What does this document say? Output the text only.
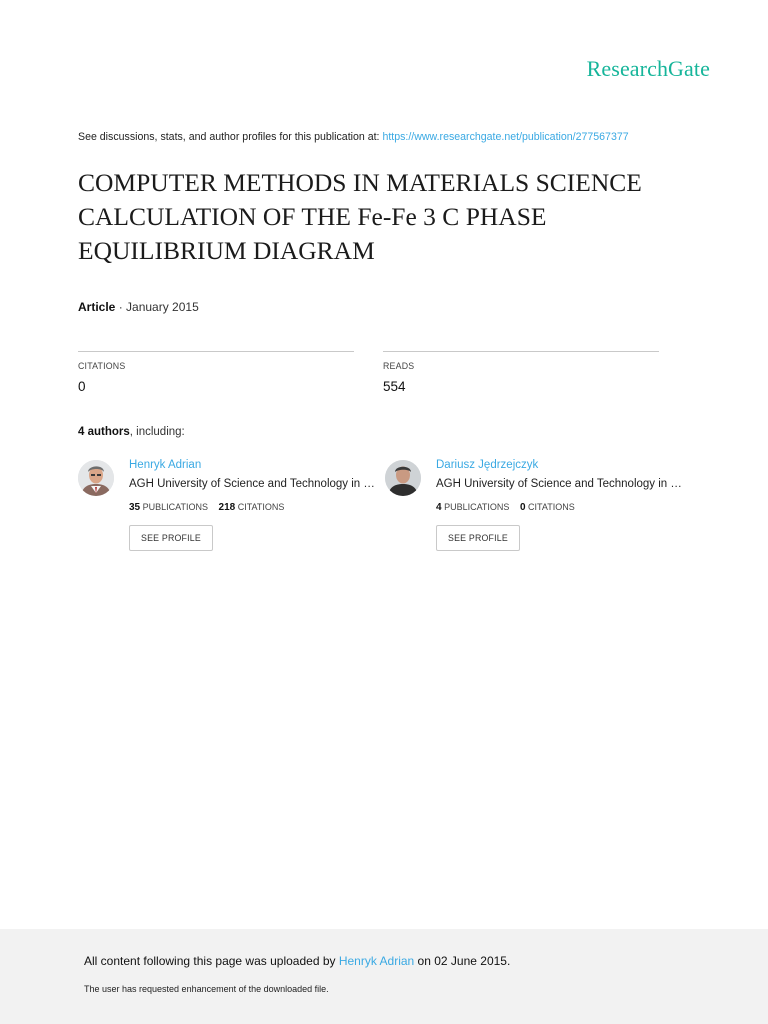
ResearchGate
See discussions, stats, and author profiles for this publication at: https://www.researchgate.net/publication/277567377
COMPUTER METHODS IN MATERIALS SCIENCE
CALCULATION OF THE Fe-Fe 3 C PHASE
EQUILIBRIUM DIAGRAM
Article · January 2015
CITATIONS
0
READS
554
4 authors, including:
Henryk Adrian
AGH University of Science and Technology in …
35 PUBLICATIONS 218 CITATIONS
SEE PROFILE
Dariusz Jędrzejczyk
AGH University of Science and Technology in …
4 PUBLICATIONS 0 CITATIONS
SEE PROFILE
All content following this page was uploaded by Henryk Adrian on 02 June 2015.
The user has requested enhancement of the downloaded file.
